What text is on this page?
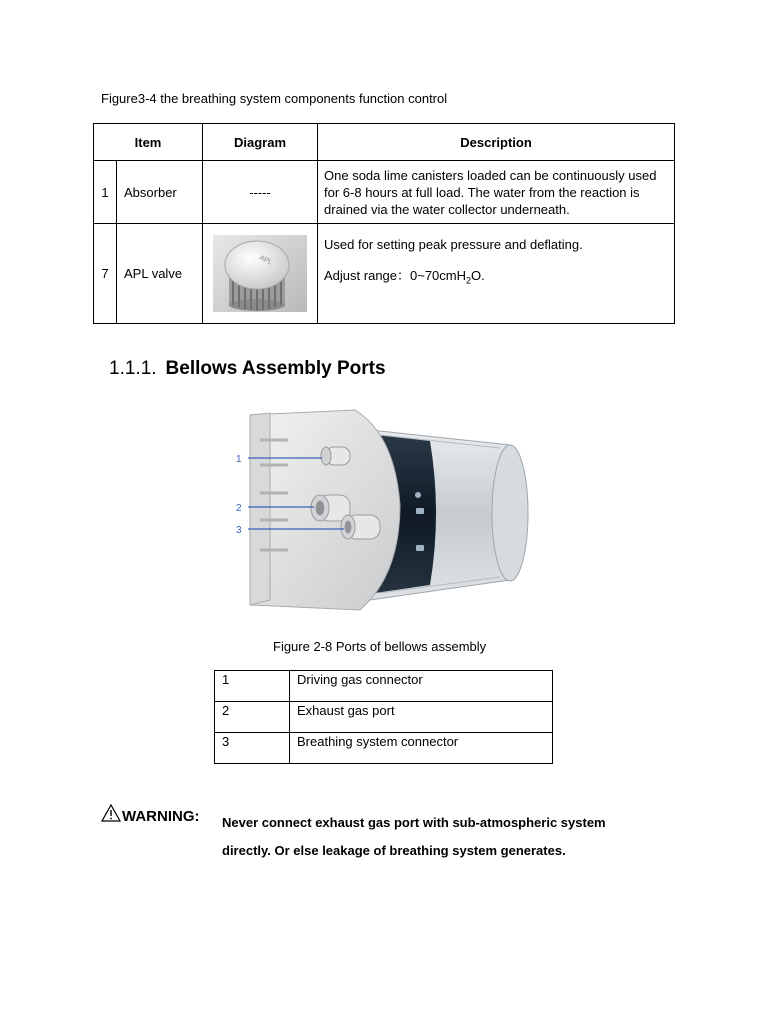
Figure3-4 the breathing system components function control
Item		Diagram	Description
1	Absorber	-----	One soda lime canisters loaded can be continuously used for 6-8 hours at full load. The water from the reaction is drained via the water collector underneath.
7	APL valve	APL	Used for setting peak pressure and deflating.

Adjust range：0~70cmH$_2$O.

1.1.1. Bellows Assembly Ports
1
2
3
Figure 2-8 Ports of bellows assembly
1	Driving gas connector
2	Exhaust gas port
3	Breathing system connector
WARNING: Never connect exhaust gas port with sub-atmospheric system
directly. Or else leakage of breathing system generates.
